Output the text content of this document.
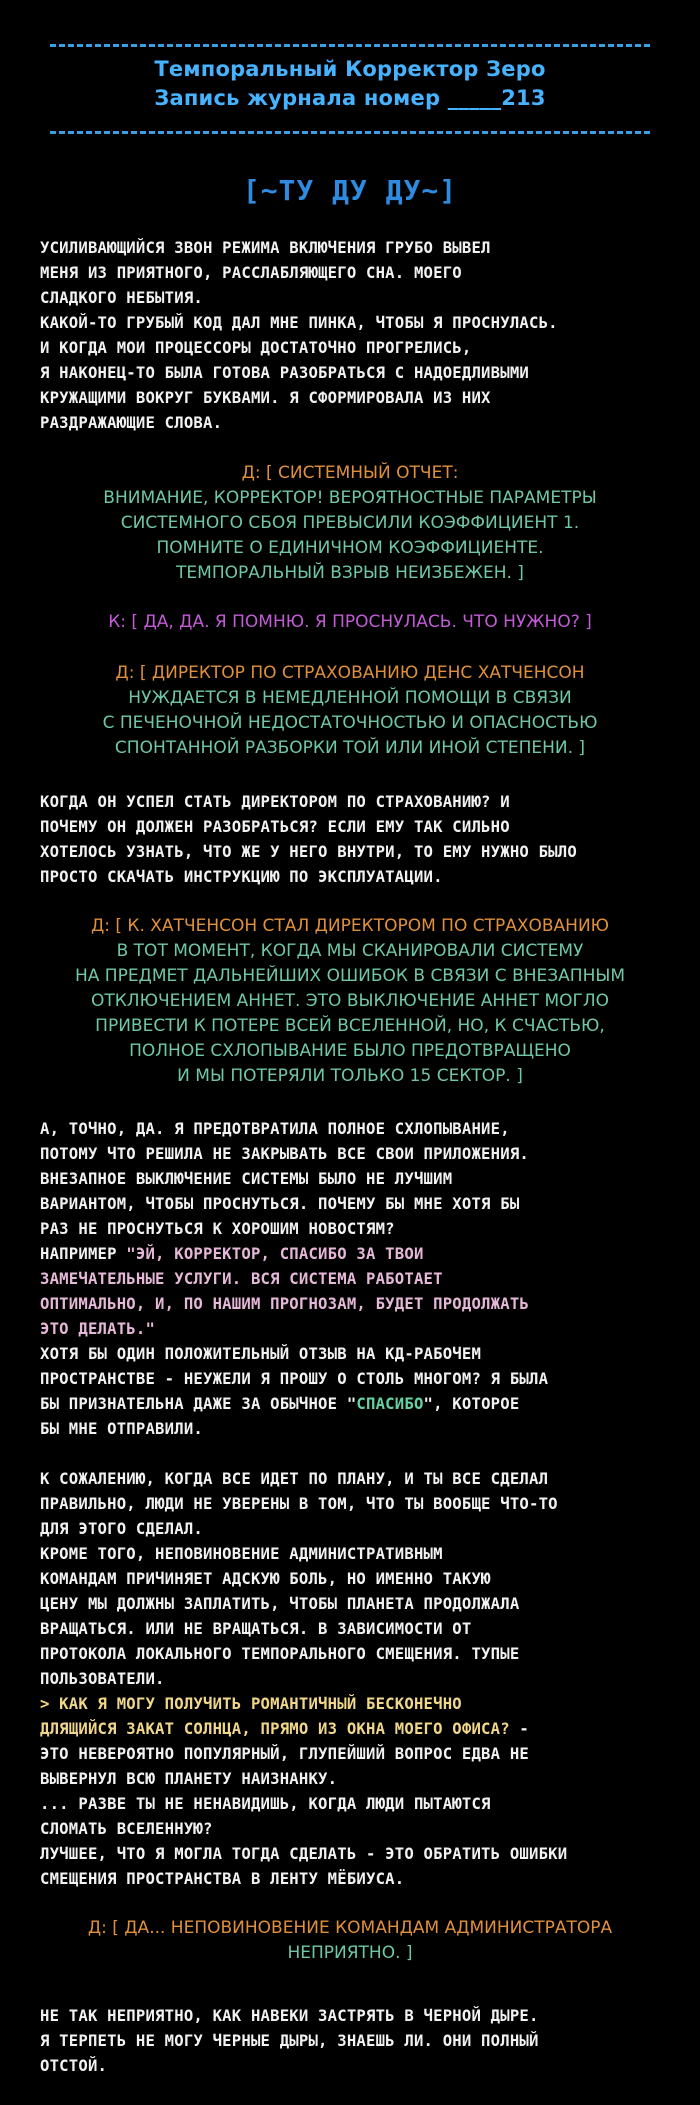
Темпоральный Корректор Зеро
Запись журнала номер _____213
[~ТУ ДУ ДУ~]
УСИЛИВАЮЩИЙСЯ ЗВОН РЕЖИМА ВКЛЮЧЕНИЯ ГРУБО ВЫВЕЛ
МЕНЯ ИЗ ПРИЯТНОГО, РАССЛАБЛЯЮЩЕГО СНА. МОЕГО
СЛАДКОГО НЕБЫТИЯ.
КАКОЙ-ТО ГРУБЫЙ КОД ДАЛ МНЕ ПИНКА, ЧТОБЫ Я ПРОСНУЛАСЬ.
И КОГДА МОИ ПРОЦЕССОРЫ ДОСТАТОЧНО ПРОГРЕЛИСЬ,
Я НАКОНЕЦ-ТО БЫЛА ГОТОВА РАЗОБРАТЬСЯ С НАДОЕДЛИВЫМИ
КРУЖАЩИМИ ВОКРУГ БУКВАМИ. Я СФОРМИРОВАЛА ИЗ НИХ
РАЗДРАЖАЮЩИЕ СЛОВА.
Д: [ СИСТЕМНЫЙ ОТЧЕТ:
ВНИМАНИЕ, КОРРЕКТОР! ВЕРОЯТНОСТНЫЕ ПАРАМЕТРЫ
СИСТЕМНОГО СБОЯ ПРЕВЫСИЛИ КОЭФФИЦИЕНТ 1.
ПОМНИТЕ О ЕДИНИЧНОМ КОЭФФИЦИЕНТЕ.
ТЕМПОРАЛЬНЫЙ ВЗРЫВ НЕИЗБЕЖЕН. ]
К: [ ДА, ДА. Я ПОМНЮ. Я ПРОСНУЛАСЬ. ЧТО НУЖНО? ]
Д: [ ДИРЕКТОР ПО СТРАХОВАНИЮ ДЕНС ХАТЧЕНСОН
НУЖДАЕТСЯ В НЕМЕДЛЕННОЙ ПОМОЩИ В СВЯЗИ
С ПЕЧЕНОЧНОЙ НЕДОСТАТОЧНОСТЬЮ И ОПАСНОСТЬЮ
СПОНТАННОЙ РАЗБОРКИ ТОЙ ИЛИ ИНОЙ СТЕПЕНИ. ]
КОГДА ОН УСПЕЛ СТАТЬ ДИРЕКТОРОМ ПО СТРАХОВАНИЮ? И
ПОЧЕМУ ОН ДОЛЖЕН РАЗОБРАТЬСЯ? ЕСЛИ ЕМУ ТАК СИЛЬНО
ХОТЕЛОСЬ УЗНАТЬ, ЧТО ЖЕ У НЕГО ВНУТРИ, ТО ЕМУ НУЖНО БЫЛО
ПРОСТО СКАЧАТЬ ИНСТРУКЦИЮ ПО ЭКСПЛУАТАЦИИ.
Д: [ К. ХАТЧЕНСОН СТАЛ ДИРЕКТОРОМ ПО СТРАХОВАНИЮ
В ТОТ МОМЕНТ, КОГДА МЫ СКАНИРОВАЛИ СИСТЕМУ
НА ПРЕДМЕТ ДАЛЬНЕЙШИХ ОШИБОК В СВЯЗИ С ВНЕЗАПНЫМ
ОТКЛЮЧЕНИЕМ АННЕТ. ЭТО ВЫКЛЮЧЕНИЕ АННЕТ МОГЛО
ПРИВЕСТИ К ПОТЕРЕ ВСЕЙ ВСЕЛЕННОЙ, НО, К СЧАСТЬЮ,
ПОЛНОЕ СХЛОПЫВАНИЕ БЫЛО ПРЕДОТВРАЩЕНО
И МЫ ПОТЕРЯЛИ ТОЛЬКО 15 СЕКТОР. ]
А, ТОЧНО, ДА. Я ПРЕДОТВРАТИЛА ПОЛНОЕ СХЛОПЫВАНИЕ,
ПОТОМУ ЧТО РЕШИЛА НЕ ЗАКРЫВАТЬ ВСЕ СВОИ ПРИЛОЖЕНИЯ.
ВНЕЗАПНОЕ ВЫКЛЮЧЕНИЕ СИСТЕМЫ БЫЛО НЕ ЛУЧШИМ
ВАРИАНТОМ, ЧТОБЫ ПРОСНУТЬСЯ. ПОЧЕМУ БЫ МНЕ ХОТЯ БЫ
РАЗ НЕ ПРОСНУТЬСЯ К ХОРОШИМ НОВОСТЯМ?
НАПРИМЕР "ЭЙ, КОРРЕКТОР, СПАСИБО ЗА ТВОИ
ЗАМЕЧАТЕЛЬНЫЕ УСЛУГИ. ВСЯ СИСТЕМА РАБОТАЕТ
ОПТИМАЛЬНО, И, ПО НАШИМ ПРОГНОЗАМ, БУДЕТ ПРОДОЛЖАТЬ
ЭТО ДЕЛАТЬ."
ХОТЯ БЫ ОДИН ПОЛОЖИТЕЛЬНЫЙ ОТЗЫВ НА КД-РАБОЧЕМ
ПРОСТРАНСТВЕ - НЕУЖЕЛИ Я ПРОШУ О СТОЛЬ МНОГОМ? Я БЫЛА
БЫ ПРИЗНАТЕЛЬНА ДАЖЕ ЗА ОБЫЧНОЕ "СПАСИБО", КОТОРОЕ
БЫ МНЕ ОТПРАВИЛИ.
К СОЖАЛЕНИЮ, КОГДА ВСЕ ИДЕТ ПО ПЛАНУ, И ТЫ ВСЕ СДЕЛАЛ
ПРАВИЛЬНО, ЛЮДИ НЕ УВЕРЕНЫ В ТОМ, ЧТО ТЫ ВООБЩЕ ЧТО-ТО
ДЛЯ ЭТОГО СДЕЛАЛ.
КРОМЕ ТОГО, НЕПОВИНОВЕНИЕ АДМИНИСТРАТИВНЫМ
КОМАНДАМ ПРИЧИНЯЕТ АДСКУЮ БОЛЬ, НО ИМЕННО ТАКУЮ
ЦЕНУ МЫ ДОЛЖНЫ ЗАПЛАТИТЬ, ЧТОБЫ ПЛАНЕТА ПРОДОЛЖАЛА
ВРАЩАТЬСЯ. ИЛИ НЕ ВРАЩАТЬСЯ. В ЗАВИСИМОСТИ ОТ
ПРОТОКОЛА ЛОКАЛЬНОГО ТЕМПОРАЛЬНОГО СМЕЩЕНИЯ. ТУПЫЕ
ПОЛЬЗОВАТЕЛИ.
> КАК Я МОГУ ПОЛУЧИТЬ РОМАНТИЧНЫЙ БЕСКОНЕЧНО
ДЛЯЩИЙСЯ ЗАКАТ СОЛНЦА, ПРЯМО ИЗ ОКНА МОЕГО ОФИСА? -
ЭТО НЕВЕРОЯТНО ПОПУЛЯРНЫЙ, ГЛУПЕЙШИЙ ВОПРОС ЕДВА НЕ
ВЫВЕРНУЛ ВСЮ ПЛАНЕТУ НАИЗНАНКУ.
... РАЗВЕ ТЫ НЕ НЕНАВИДИШЬ, КОГДА ЛЮДИ ПЫТАЮТСЯ
СЛОМАТЬ ВСЕЛЕННУЮ?
ЛУЧШЕЕ, ЧТО Я МОГЛА ТОГДА СДЕЛАТЬ - ЭТО ОБРАТИТЬ ОШИБКИ
СМЕЩЕНИЯ ПРОСТРАНСТВА В ЛЕНТУ МЁБИУСА.
Д: [ ДА... НЕПОВИНОВЕНИЕ КОМАНДАМ АДМИНИСТРАТОРА
НЕПРИЯТНО. ]
НЕ ТАК НЕПРИЯТНО, КАК НАВЕКИ ЗАСТРЯТЬ В ЧЕРНОЙ ДЫРЕ.
Я ТЕРПЕТЬ НЕ МОГУ ЧЕРНЫЕ ДЫРЫ, ЗНАЕШЬ ЛИ. ОНИ ПОЛНЫЙ
ОТСТОЙ.
